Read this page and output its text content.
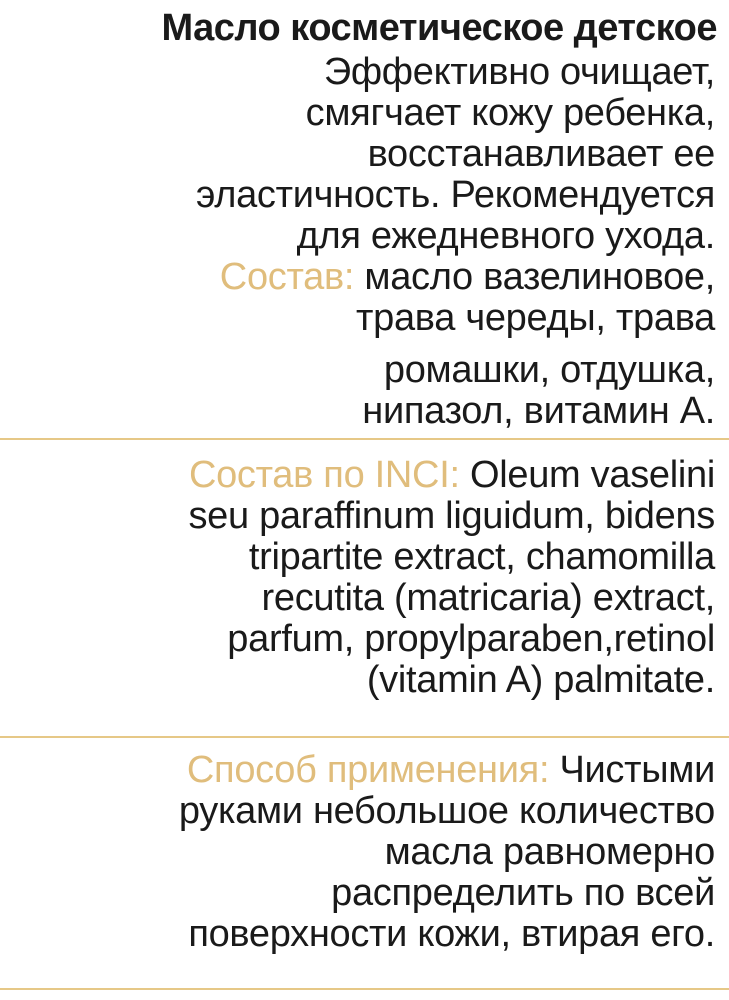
Масло косметическое детское
Эффективно очищает,
смягчает кожу ребенка,
восстанавливает ее
эластичность. Рекомендуется
для ежедневного ухода.
Состав: масло вазелиновое,
трава череды, трава
ромашки, отдушка,
нипазол, витамин А.
Состав по INCI: Oleum vaselini
seu paraffinum liguidum, bidens
tripartite extract, chamomilla
recutita (matricaria) extract,
parfum, propylparaben,retinol
(vitamin A) palmitate.
Способ применения: Чистыми
руками небольшое количество
масла равномерно
распределить по всей
поверхности кожи, втирая его.
